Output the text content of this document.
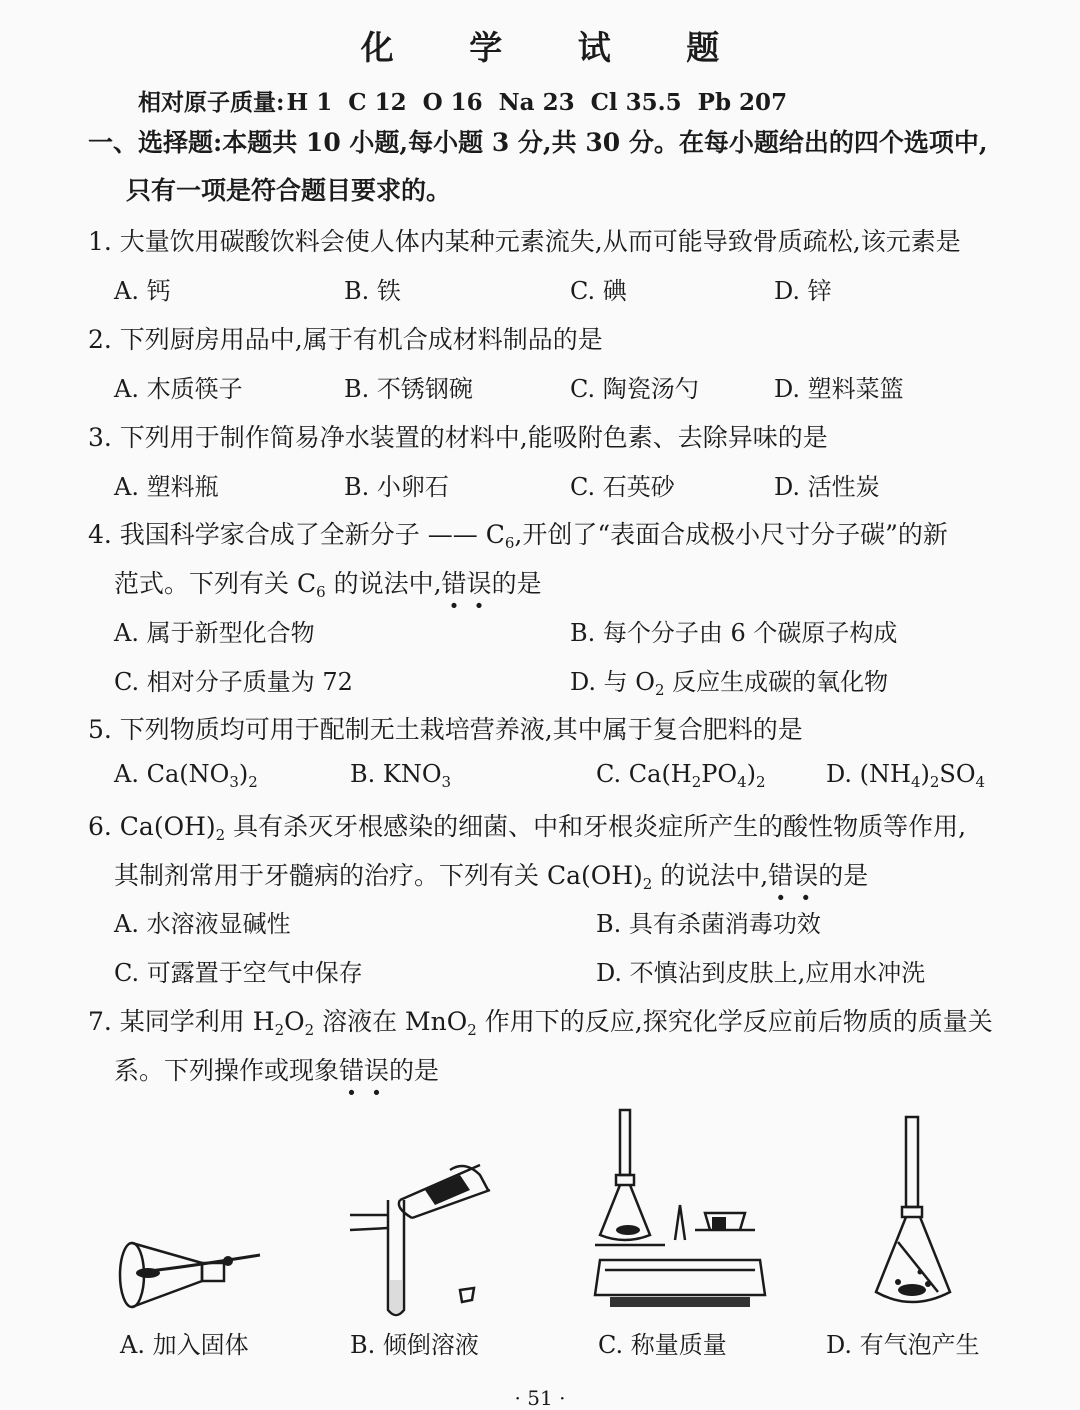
化 学 试 题
相对原子质量:H 1 C 12 O 16 Na 23 Cl 35.5 Pb 207
一、选择题:本题共 10 小题,每小题 3 分,共 30 分。在每小题给出的四个选项中,
只有一项是符合题目要求的。
1. 大量饮用碳酸饮料会使人体内某种元素流失,从而可能导致骨质疏松,该元素是
A. 钙	B. 铁	C. 碘	D. 锌
2. 下列厨房用品中,属于有机合成材料制品的是
A. 木质筷子	B. 不锈钢碗	C. 陶瓷汤勺	D. 塑料菜篮
3. 下列用于制作简易净水装置的材料中,能吸附色素、去除异味的是
A. 塑料瓶	B. 小卵石	C. 石英砂	D. 活性炭
4. 我国科学家合成了全新分子 —— $C_6$,开创了“表面合成极小尺寸分子碳”的新
范式。下列有关 $C_6$ 的说法中,错误的是
A. 属于新型化合物	B. 每个分子由 6 个碳原子构成
C. 相对分子质量为 72	D. 与 $O_2$ 反应生成碳的氧化物
5. 下列物质均可用于配制无土栽培营养液,其中属于复合肥料的是
A. $Ca(NO_3)_2$	B. $KNO_3$	C. $Ca(H_2PO_4)_2$	D. $(NH_4)_2SO_4$
6. $Ca(OH)_2$ 具有杀灭牙根感染的细菌、中和牙根炎症所产生的酸性物质等作用,
其制剂常用于牙髓病的治疗。下列有关 $Ca(OH)_2$ 的说法中,错误的是
A. 水溶液显碱性	B. 具有杀菌消毒功效
C. 可露置于空气中保存	D. 不慎沾到皮肤上,应用水冲洗
7. 某同学利用 $H_2O_2$ 溶液在 MnO$_2$ 作用下的反应,探究化学反应前后物质的质量关
系。下列操作或现象错误的是
A. 加入固体	B. 倾倒溶液	C. 称量质量	D. 有气泡产生
· 51 ·
